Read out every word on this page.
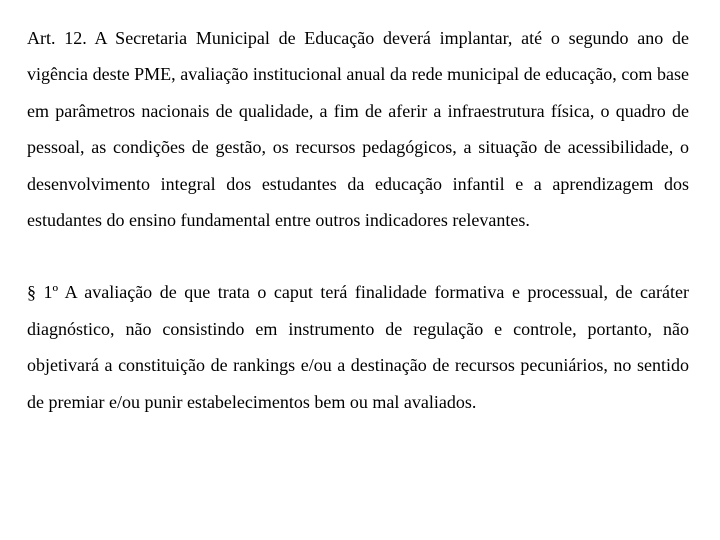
Art. 12. A Secretaria Municipal de Educação deverá implantar, até o segundo ano de vigência deste PME, avaliação institucional anual da rede municipal de educação, com base em parâmetros nacionais de qualidade, a fim de aferir a infraestrutura física, o quadro de pessoal, as condições de gestão, os recursos pedagógicos, a situação de acessibilidade, o desenvolvimento integral dos estudantes da educação infantil e a aprendizagem dos estudantes do ensino fundamental entre outros indicadores relevantes.

§ 1º A avaliação de que trata o caput terá finalidade formativa e processual, de caráter diagnóstico, não consistindo em instrumento de regulação e controle, portanto, não objetivará a constituição de rankings e/ou a destinação de recursos pecuniários, no sentido de premiar e/ou punir estabelecimentos bem ou mal avaliados.
